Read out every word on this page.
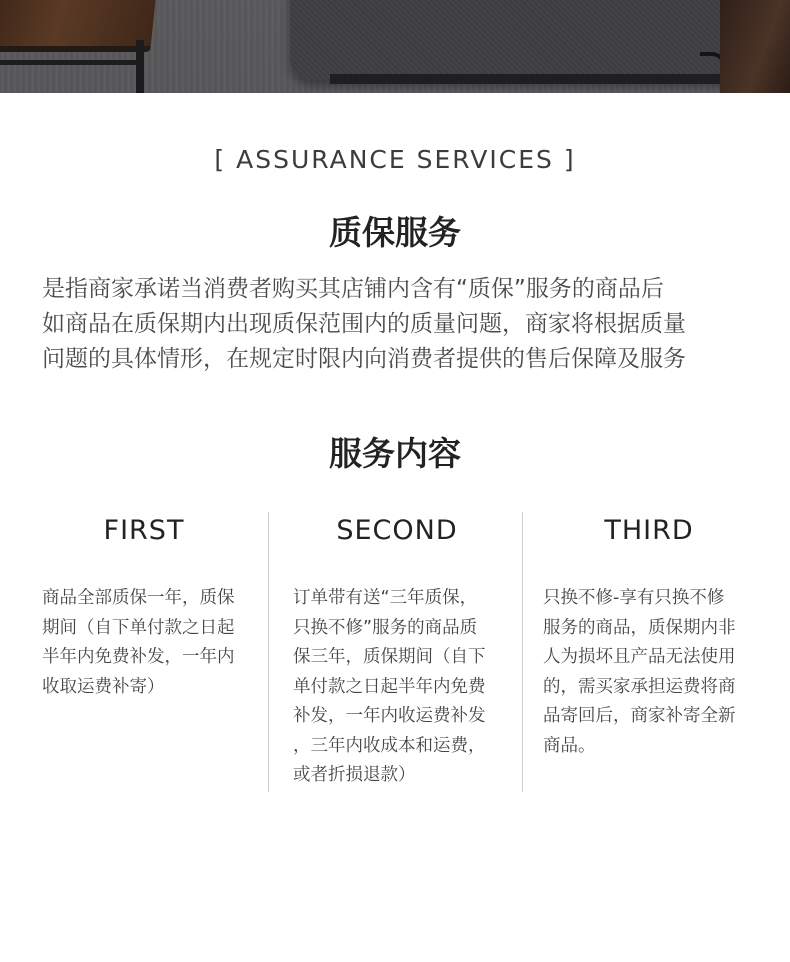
[ ASSURANCE SERVICES ]
质保服务

是指商家承诺当消费者购买其店铺内含有“质保”服务的商品后

如商品在质保期内出现质保范围内的质量问题，商家将根据质量

问题的具体情形，在规定时限内向消费者提供的售后保障及服务

服务内容
FIRST
商品全部质保一年，质保
期间（自下单付款之日起
半年内免费补发，一年内
收取运费补寄）
SECOND
订单带有送“三年质保，
只换不修”服务的商品质
保三年，质保期间（自下
单付款之日起半年内免费
补发，一年内收运费补发
，三年内收成本和运费，
或者折损退款）
THIRD
只换不修-享有只换不修
服务的商品，质保期内非
人为损坏且产品无法使用
的，需买家承担运费将商
品寄回后，商家补寄全新
商品。
